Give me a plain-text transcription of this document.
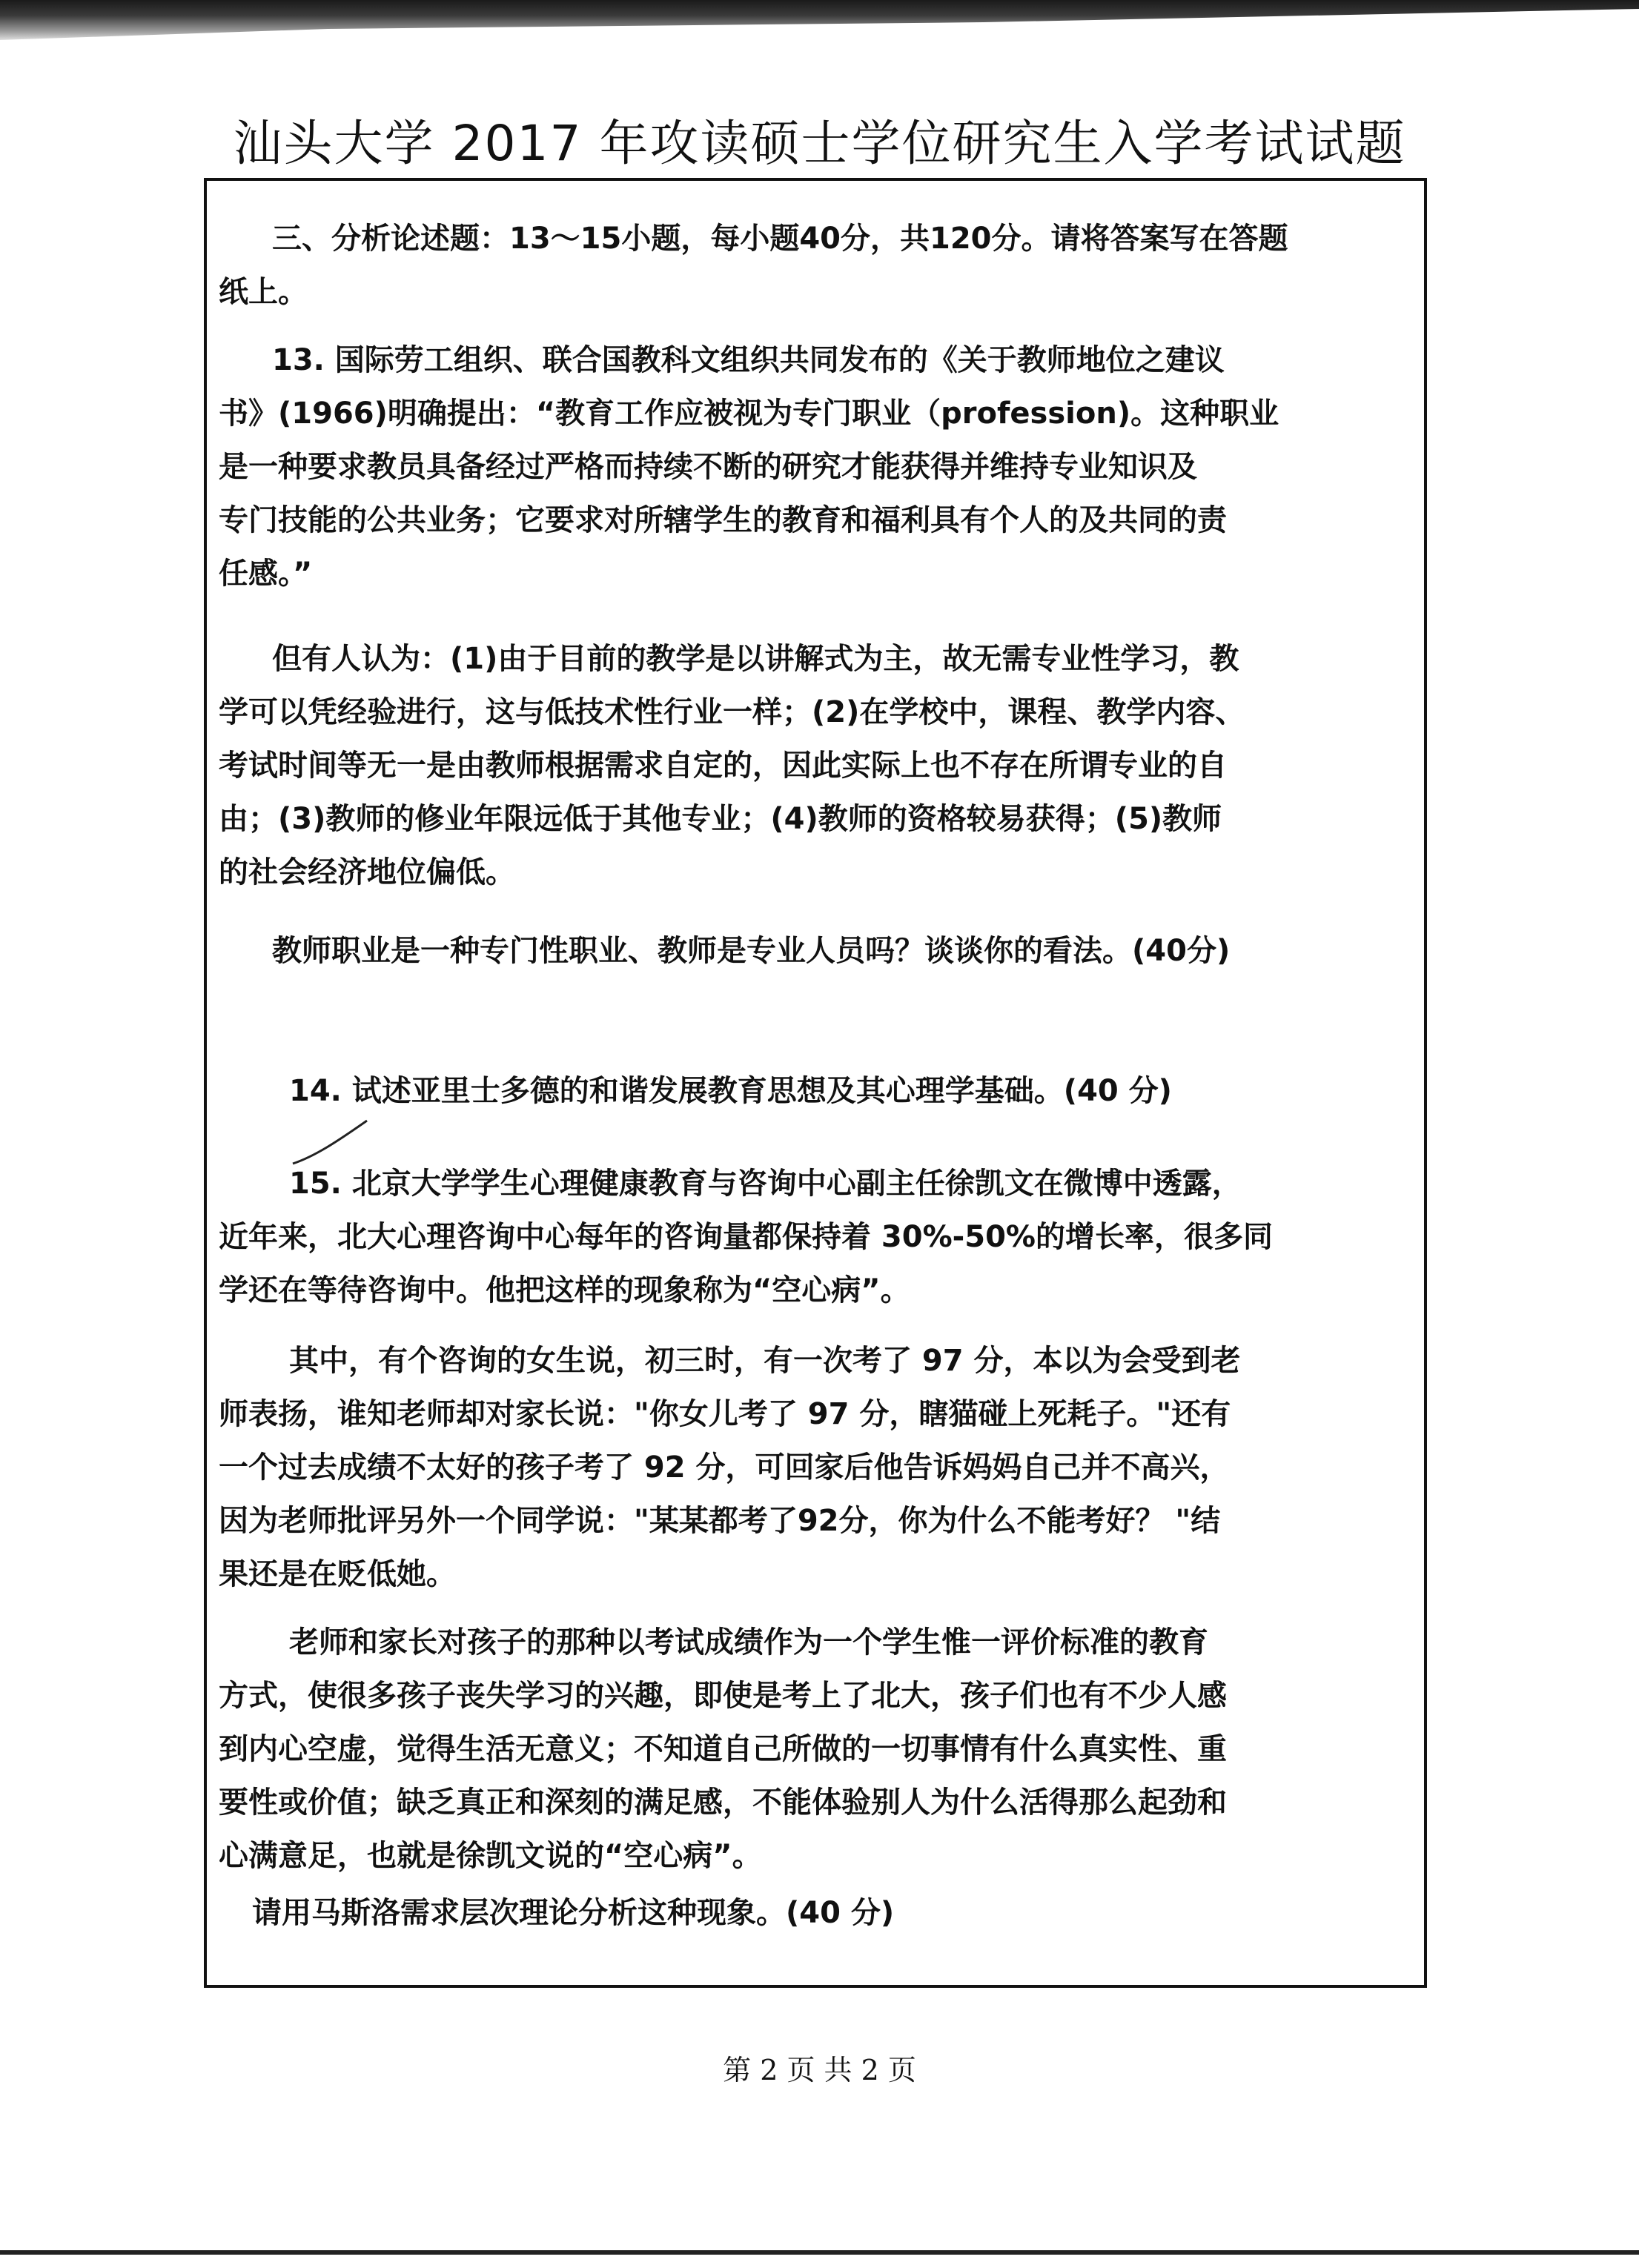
汕头大学 2017 年攻读硕士学位研究生入学考试试题
三、分析论述题：13～15小题，每小题40分，共120分。请将答案写在答题
纸上。
13. 国际劳工组织、联合国教科文组织共同发布的《关于教师地位之建议
书》(1966)明确提出：“教育工作应被视为专门职业（profession)。这种职业
是一种要求教员具备经过严格而持续不断的研究才能获得并维持专业知识及
专门技能的公共业务；它要求对所辖学生的教育和福利具有个人的及共同的责
任感。”
但有人认为：(1)由于目前的教学是以讲解式为主，故无需专业性学习，教
学可以凭经验进行，这与低技术性行业一样；(2)在学校中，课程、教学内容、
考试时间等无一是由教师根据需求自定的，因此实际上也不存在所谓专业的自
由；(3)教师的修业年限远低于其他专业；(4)教师的资格较易获得；(5)教师
的社会经济地位偏低。
教师职业是一种专门性职业、教师是专业人员吗？谈谈你的看法。(40分)
14. 试述亚里士多德的和谐发展教育思想及其心理学基础。(40 分)
15. 北京大学学生心理健康教育与咨询中心副主任徐凯文在微博中透露，
近年来，北大心理咨询中心每年的咨询量都保持着 30%-50%的增长率，很多同
学还在等待咨询中。他把这样的现象称为“空心病”。
其中，有个咨询的女生说，初三时，有一次考了 97 分，本以为会受到老
师表扬，谁知老师却对家长说："你女儿考了 97 分，瞎猫碰上死耗子。"还有
一个过去成绩不太好的孩子考了 92 分，可回家后他告诉妈妈自己并不高兴，
因为老师批评另外一个同学说："某某都考了92分，你为什么不能考好？ "结
果还是在贬低她。
老师和家长对孩子的那种以考试成绩作为一个学生惟一评价标准的教育
方式，使很多孩子丧失学习的兴趣，即使是考上了北大，孩子们也有不少人感
到内心空虚，觉得生活无意义；不知道自己所做的一切事情有什么真实性、重
要性或价值；缺乏真正和深刻的满足感，不能体验别人为什么活得那么起劲和
心满意足，也就是徐凯文说的“空心病”。
请用马斯洛需求层次理论分析这种现象。(40 分)
第 2 页 共 2 页
